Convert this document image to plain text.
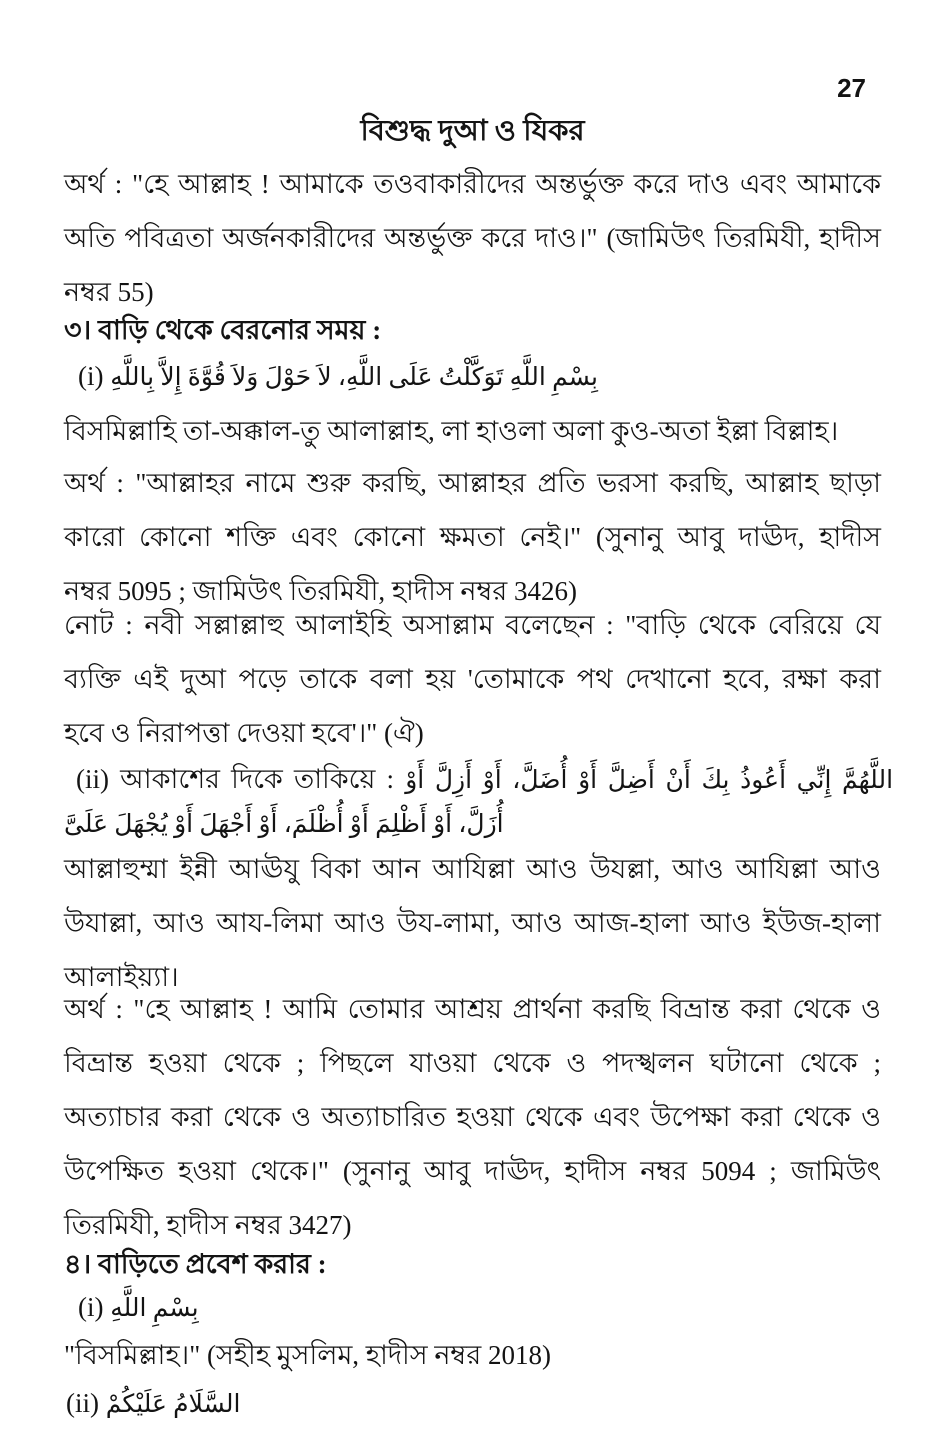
27
বিশুদ্ধ দুআ ও যিকর
অর্থ : "হে আল্লাহ ! আমাকে তওবাকারীদের অন্তর্ভুক্ত করে দাও এবং আমাকে
অতি পবিত্রতা অর্জনকারীদের অন্তর্ভুক্ত করে দাও।" (জামিউৎ তিরমিযী, হাদীস
নম্বর 55)
৩। বাড়ি থেকে বেরনোর সময় :
(i) بِسْمِ اللَّهِ تَوَكَّلْتُ عَلَى اللَّهِ، لاَ حَوْلَ وَلاَ قُوَّةَ إِلاَّ بِاللَّهِ
বিসমিল্লাহি তা-অক্কাল-তু আলাল্লাহ, লা হাওলা অলা কুও-অতা ইল্লা বিল্লাহ।
অর্থ : "আল্লাহর নামে শুরু করছি, আল্লাহর প্রতি ভরসা করছি, আল্লাহ ছাড়া
কারো কোনো শক্তি এবং কোনো ক্ষমতা নেই।" (সুনানু আবু দাঊদ, হাদীস
নম্বর 5095 ; জামিউৎ তিরমিযী, হাদীস নম্বর 3426)
নোট : নবী সল্লাল্লাহু আলাইহি অসাল্লাম বলেছেন : "বাড়ি থেকে বেরিয়ে যে
ব্যক্তি এই দুআ পড়ে তাকে বলা হয় 'তোমাকে পথ দেখানো হবে, রক্ষা করা
হবে ও নিরাপত্তা দেওয়া হবে'।" (ঐ)
(ii) আকাশের দিকে তাকিয়ে : اللَّهُمَّ إِنِّي أَعُوذُ بِكَ أَنْ أَضِلَّ أَوْ أُضَلَّ، أَوْ أَزِلَّ أَوْ
أُزَلَّ، أَوْ أَظْلِمَ أَوْ أُظْلَمَ، أَوْ أَجْهَلَ أَوْ يُجْهَلَ عَلَىَّ
আল্লাহুম্মা ইন্নী আঊযু বিকা আন আযিল্লা আও উযল্লা, আও আযিল্লা আও
উযাল্লা, আও আয-লিমা আও উয-লামা, আও আজ-হালা আও ইউজ-হালা
আলাইয়্যা।
অর্থ : "হে আল্লাহ ! আমি তোমার আশ্রয় প্রার্থনা করছি বিভ্রান্ত করা থেকে ও
বিভ্রান্ত হওয়া থেকে ; পিছলে যাওয়া থেকে ও পদস্খলন ঘটানো থেকে ;
অত্যাচার করা থেকে ও অত্যাচারিত হওয়া থেকে এবং উপেক্ষা করা থেকে ও
উপেক্ষিত হওয়া থেকে।" (সুনানু আবু দাঊদ, হাদীস নম্বর 5094 ; জামিউৎ
তিরমিযী, হাদীস নম্বর 3427)
৪। বাড়িতে প্রবেশ করার :
(i) بِسْمِ اللَّهِ
"বিসমিল্লাহ।" (সহীহ মুসলিম, হাদীস নম্বর 2018)
(ii) السَّلَامُ عَلَيْكُمْ
